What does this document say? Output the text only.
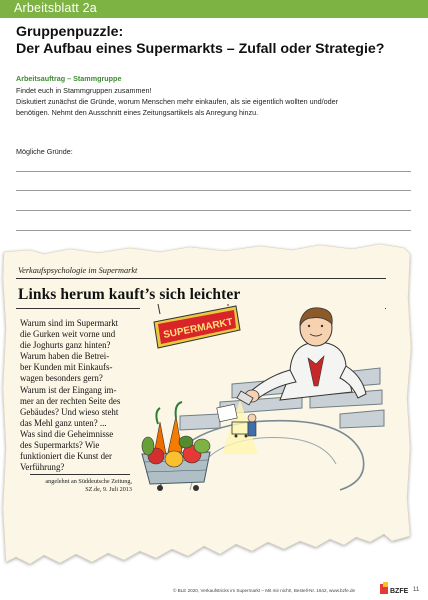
Arbeitsblatt 2a
Gruppenpuzzle:
Der Aufbau eines Supermarkts – Zufall oder Strategie?
Arbeitsauftrag – Stammgruppe
Findet euch in Stammgruppen zusammen!
Diskutiert zunächst die Gründe, worum Menschen mehr einkaufen, als sie eigentlich wollten und/oder
benötigen. Nehmt den Ausschnitt eines Zeitungsartikels als Anregung hinzu.
Mögliche Gründe:
Verkaufspsychologie im Supermarkt
Links herum kauft’s sich leichter
Warum sind im Supermarkt
die Gurken weit vorne und
die Joghurts ganz hinten?
Warum haben die Betrei-
ber Kunden mit Einkaufs-
wagen besonders gern?
Warum ist der Eingang im-
mer an der rechten Seite des
Gebäudes? Und wieso steht
das Mehl ganz unten? ...
Was sind die Geheimnisse
des Supermarkts? Wie
funktioniert die Kunst der
Verführung?
angelehnt an Süddeutsche Zeitung,
SZ.de, 9. Juli 2013
SUPERMARKT
© BLE 2020, Verkaufstricks im Supermarkt – Mit mir nicht!, Bestell-Nr. 1642, www.bzfe.de	BZFE 11
